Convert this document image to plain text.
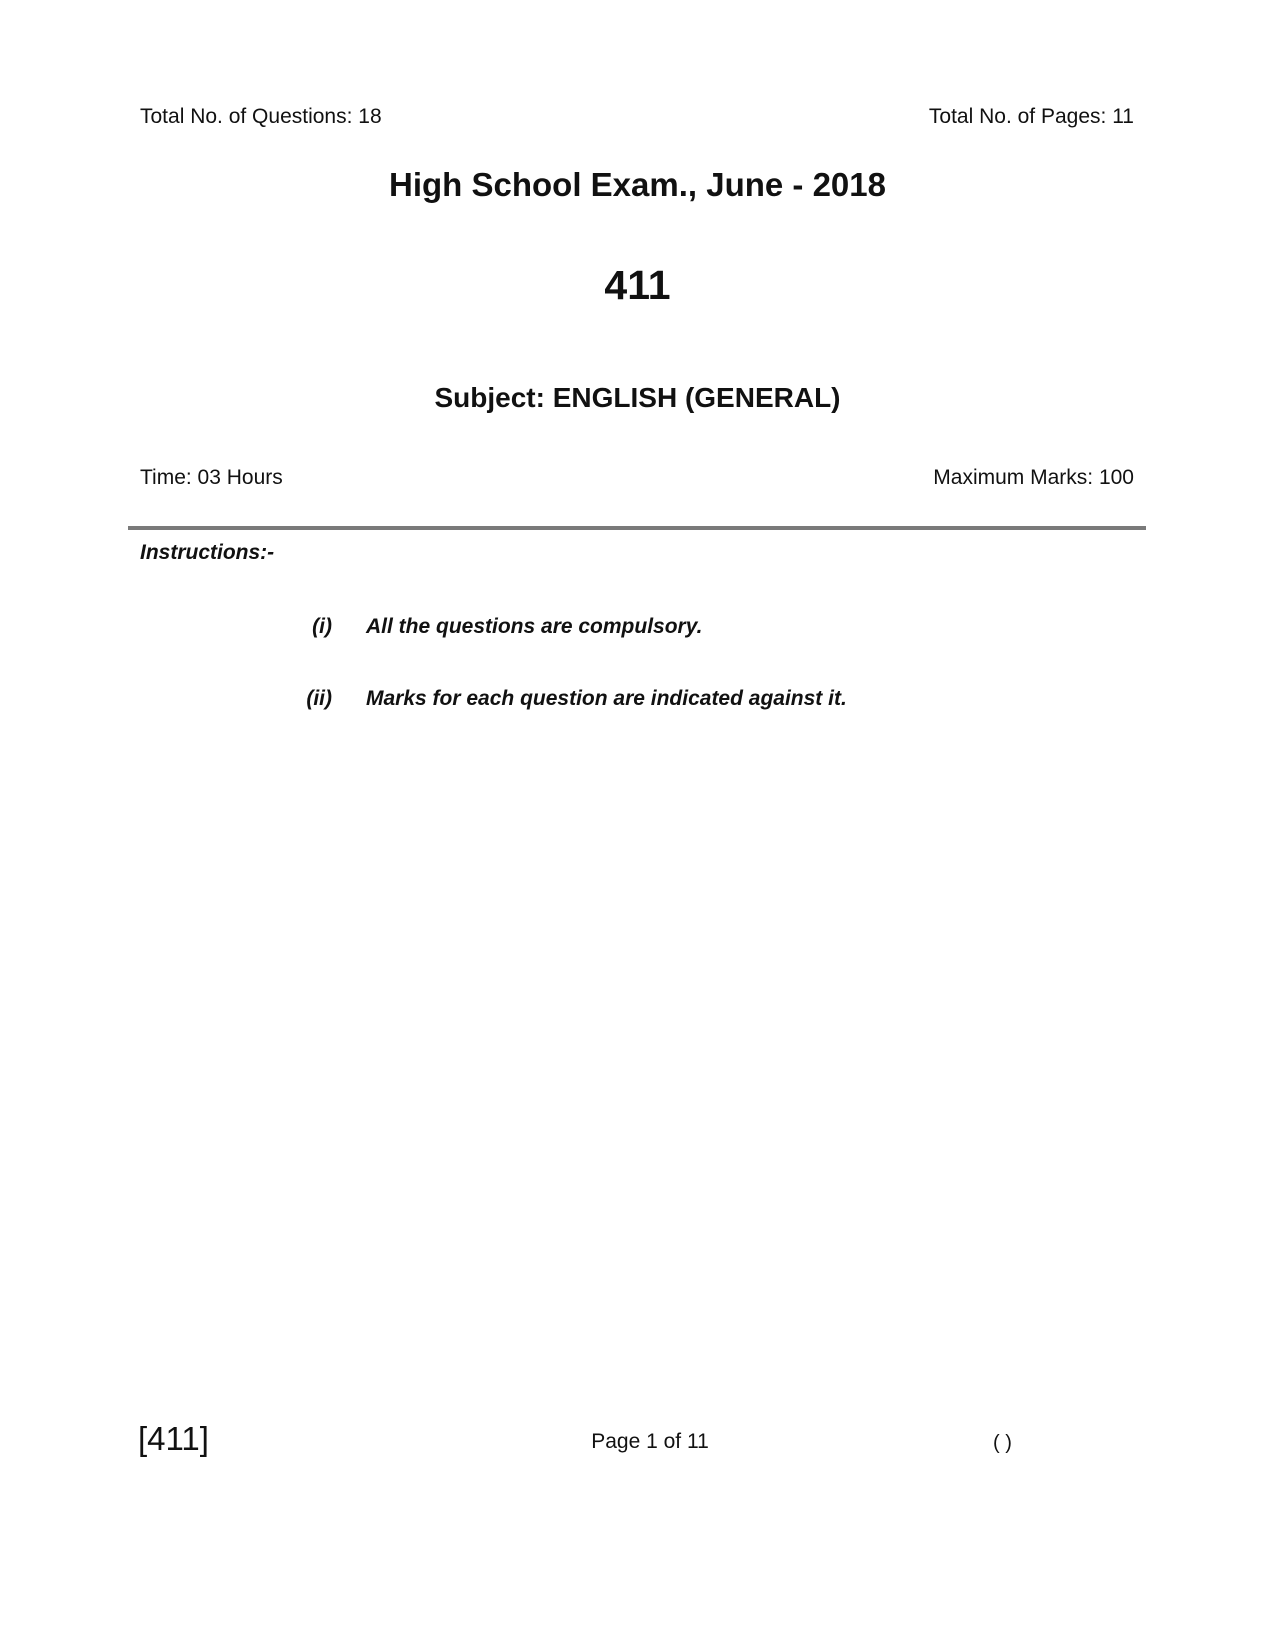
Total No. of Questions: 18	Total No. of Pages: 11
High School Exam., June - 2018
411
Subject: ENGLISH (GENERAL)
Time: 03 Hours	Maximum Marks: 100
Instructions:-
(i) All the questions are compulsory.
(ii) Marks for each question are indicated against it.
[411]	Page 1 of 11	( )
